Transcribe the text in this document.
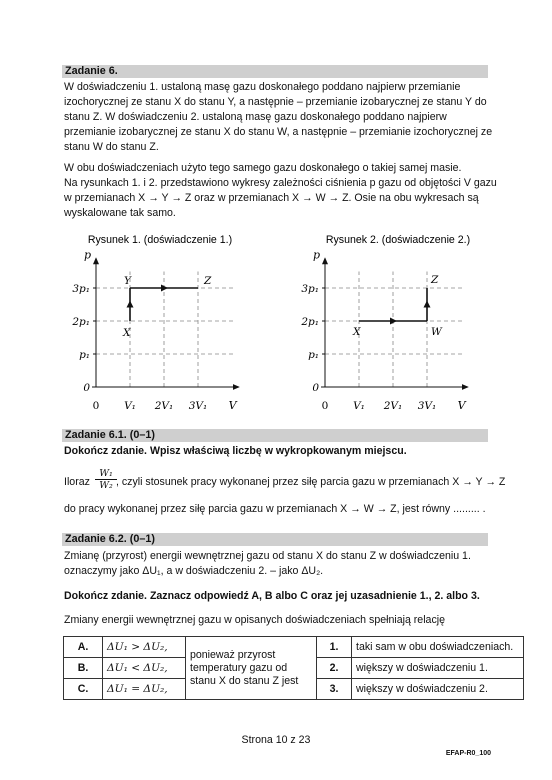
Zadanie 6.
W doświadczeniu 1. ustaloną masę gazu doskonałego poddano najpierw przemianie
izochorycznej ze stanu X do stanu Y, a następnie – przemianie izobarycznej ze stanu Y do
stanu Z. W doświadczeniu 2. ustaloną masę gazu doskonałego poddano najpierw
przemianie izobarycznej ze stanu X do stanu W, a następnie – przemianie izochorycznej ze
stanu W do stanu Z.
W obu doświadczeniach użyto tego samego gazu doskonałego o takiej samej masie.
Na rysunkach 1. i 2. przedstawiono wykresy zależności ciśnienia p gazu od objętości V gazu
w przemianach X → Y → Z oraz w przemianach X → W → Z. Osie na obu wykresach są
wyskalowane tak samo.
Rysunek 1. (doświadczenie 1.)
p
V
0
p₁
2p₁
3p₁
0 V₁ 2V₁ 3V₁
X
Y	Z
Rysunek 2. (doświadczenie 2.)
p
V
0
p₁
2p₁
3p₁
0 V₁ 2V₁ 3V₁
X	W
Z
Zadanie 6.1. (0–1)
Dokończ zdanie. Wpisz właściwą liczbę w wykropkowanym miejscu.
Iloraz
W₁
W₂ , czyli stosunek pracy wykonanej przez siłę parcia gazu w przemianach X → Y → Z
do pracy wykonanej przez siłę parcia gazu w przemianach X → W → Z, jest równy ......... .
Zadanie 6.2. (0–1)
Zmianę (przyrost) energii wewnętrznej gazu od stanu X do stanu Z w doświadczeniu 1.
oznaczymy jako ΔU₁, a w doświadczeniu 2. – jako ΔU₂.
Dokończ zdanie. Zaznacz odpowiedź A, B albo C oraz jej uzasadnienie 1., 2. albo 3.
Zmiany energii wewnętrznej gazu w opisanych doświadczeniach spełniają relację
A.	ΔU₁ > ΔU₂,	ponieważ przyrost
temperatury gazu od
stanu X do stanu Z jest	1.	taki sam w obu doświadczeniach.
B.	ΔU₁ < ΔU₂,		2.	większy w doświadczeniu 1.
C.	ΔU₁ = ΔU₂,		3.	większy w doświadczeniu 2.
Strona 10 z 23
EFAP-R0_100
